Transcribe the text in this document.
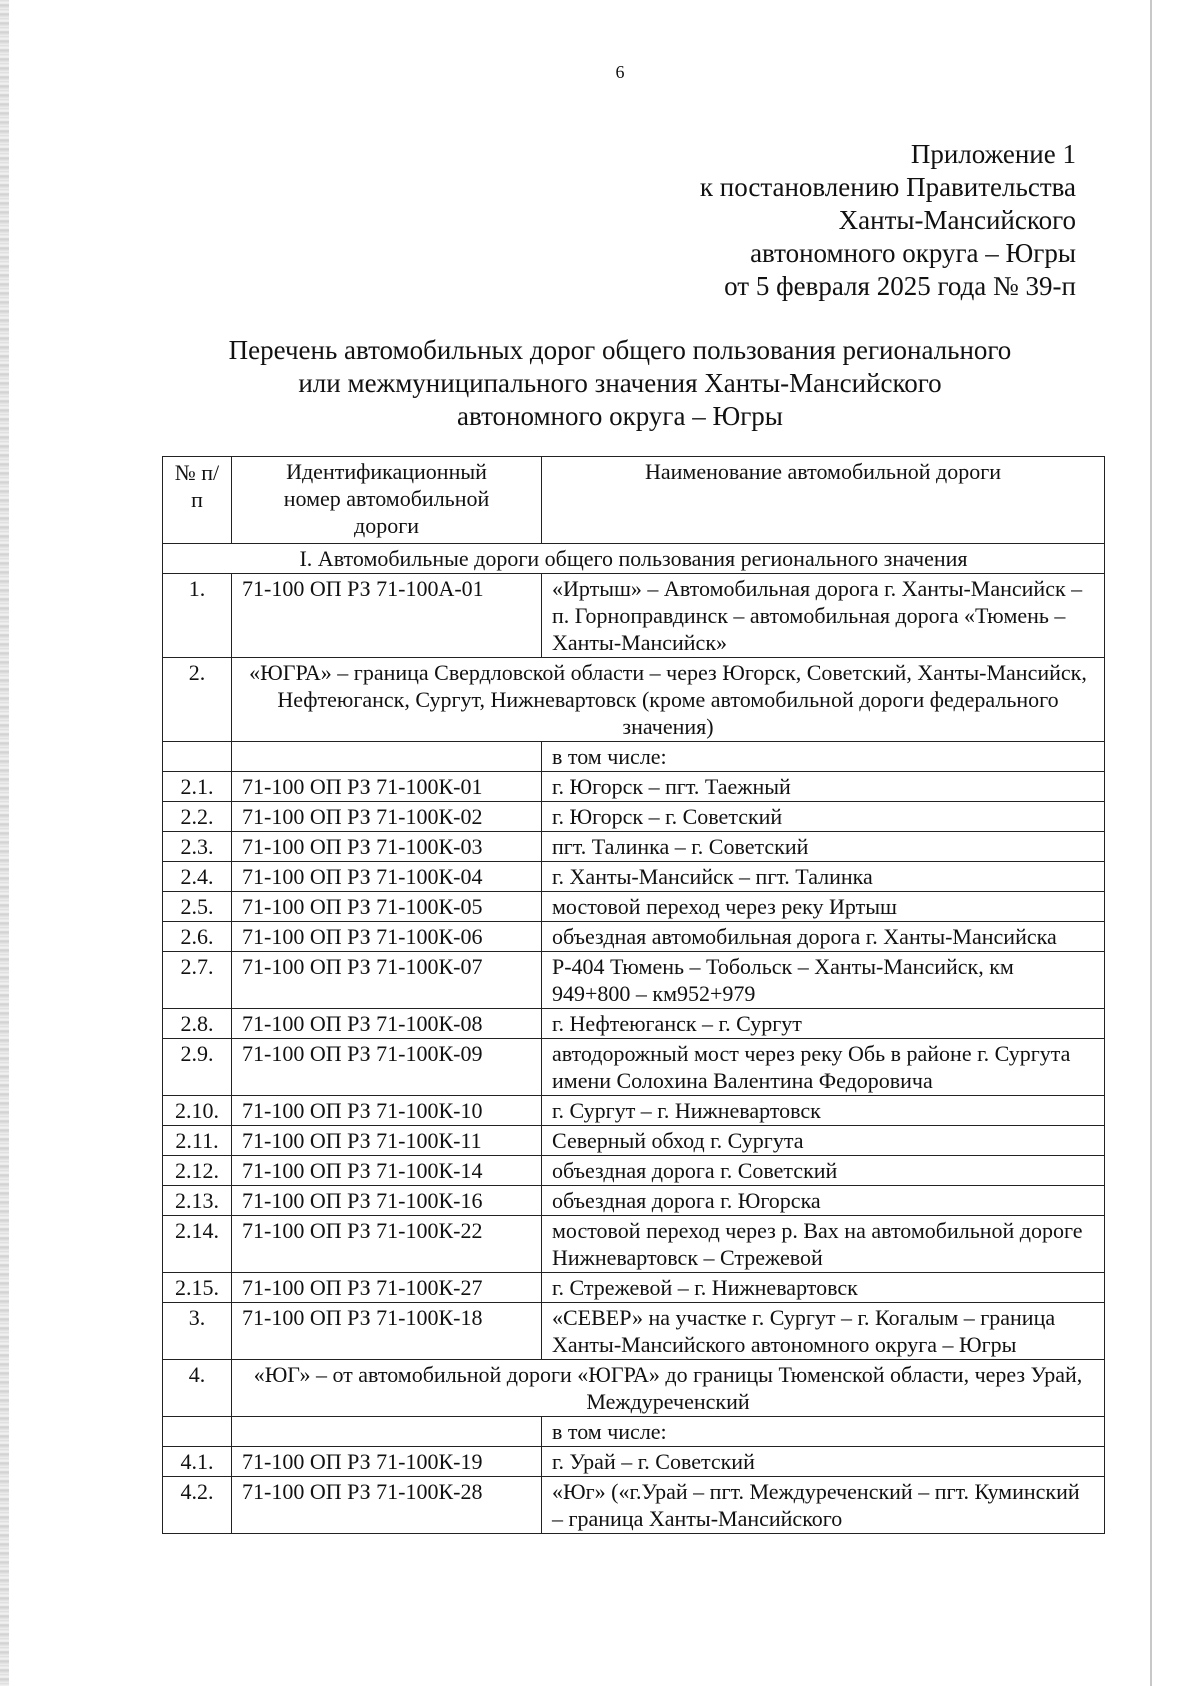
6
Приложение 1
к постановлению Правительства
Ханты-Мансийского
автономного округа – Югры
от 5 февраля 2025 года № 39-п
Перечень автомобильных дорог общего пользования регионального
или межмуниципального значения Ханты-Мансийского
автономного округа – Югры
№ п/п	Идентификационный номер автомобильной дороги	Наименование автомобильной дороги
I. Автомобильные дороги общего пользования регионального значения		
1.	71-100 ОП РЗ 71-100А-01	«Иртыш» – Автомобильная дорога г. Ханты-Мансийск – п. Горноправдинск – автомобильная дорога «Тюмень – Ханты-Мансийск»
2.	«ЮГРА» – граница Свердловской области – через Югорск, Советский, Ханты-Мансийск, Нефтеюганск, Сургут, Нижневартовск (кроме автомобильной дороги федерального значения)	
		в том числе:
2.1.	71-100 ОП РЗ 71-100К-01	г. Югорск – пгт. Таежный
2.2.	71-100 ОП РЗ 71-100К-02	г. Югорск – г. Советский
2.3.	71-100 ОП РЗ 71-100К-03	пгт. Талинка – г. Советский
2.4.	71-100 ОП РЗ 71-100К-04	г. Ханты-Мансийск – пгт. Талинка
2.5.	71-100 ОП РЗ 71-100К-05	мостовой переход через реку Иртыш
2.6.	71-100 ОП РЗ 71-100К-06	объездная автомобильная дорога г. Ханты-Мансийска
2.7.	71-100 ОП РЗ 71-100К-07	Р-404 Тюмень – Тобольск – Ханты-Мансийск, км 949+800 – км952+979
2.8.	71-100 ОП РЗ 71-100К-08	г. Нефтеюганск – г. Сургут
2.9.	71-100 ОП РЗ 71-100К-09	автодорожный мост через реку Обь в районе г. Сургута имени Солохина Валентина Федоровича
2.10.	71-100 ОП РЗ 71-100К-10	г. Сургут – г. Нижневартовск
2.11.	71-100 ОП РЗ 71-100К-11	Северный обход г. Сургута
2.12.	71-100 ОП РЗ 71-100К-14	объездная дорога г. Советский
2.13.	71-100 ОП РЗ 71-100К-16	объездная дорога г. Югорска
2.14.	71-100 ОП РЗ 71-100К-22	мостовой переход через р. Вах на автомобильной дороге Нижневартовск – Стрежевой
2.15.	71-100 ОП РЗ 71-100К-27	г. Стрежевой – г. Нижневартовск
3.	71-100 ОП РЗ 71-100К-18	«СЕВЕР» на участке г. Сургут – г. Когалым – граница Ханты-Мансийского автономного округа – Югры
4.	«ЮГ» – от автомобильной дороги «ЮГРА» до границы Тюменской области, через Урай, Междуреченский	
		в том числе:
4.1.	71-100 ОП РЗ 71-100К-19	г. Урай – г. Советский
4.2.	71-100 ОП РЗ 71-100К-28	«Юг» («г.Урай – пгт. Междуреченский – пгт. Куминский – граница Ханты-Мансийского
